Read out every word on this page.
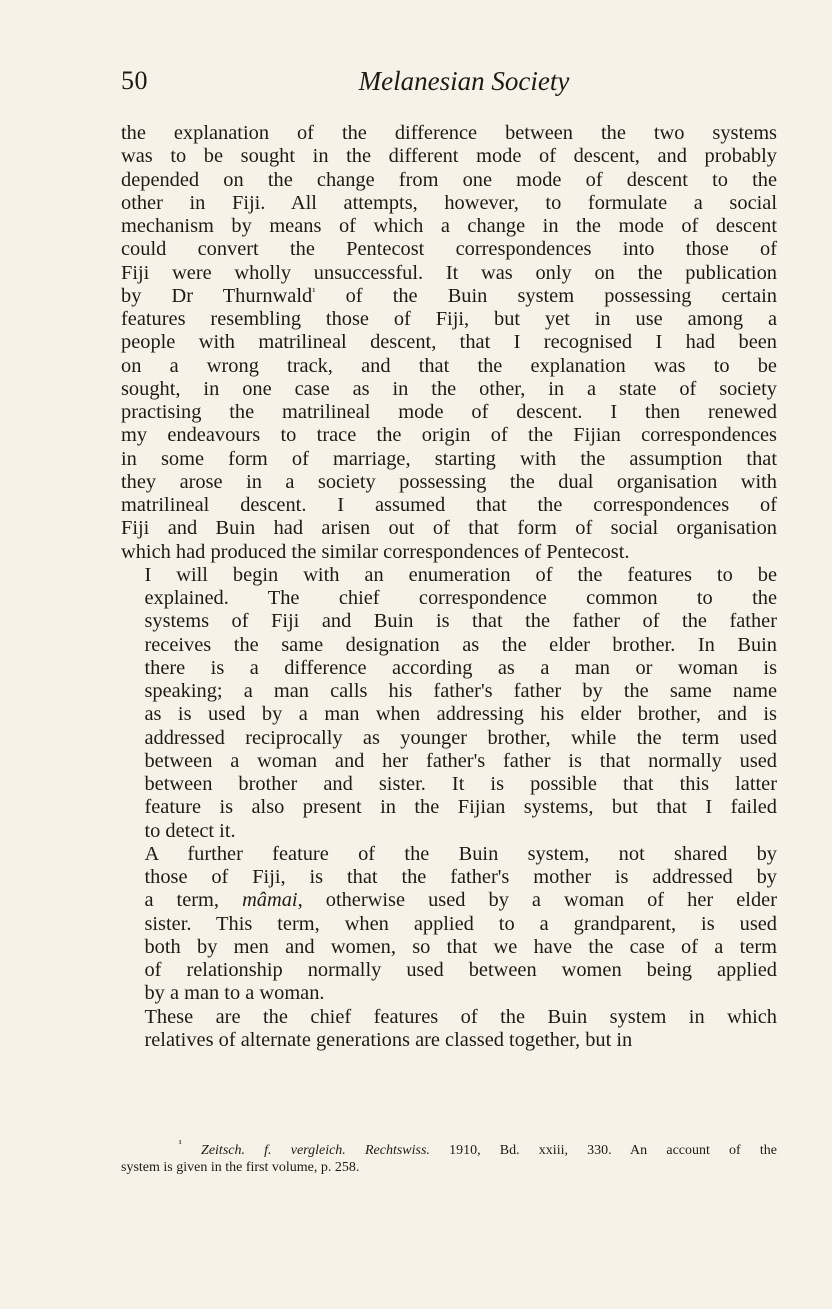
50	Melanesian Society

the explanation of the difference between the two systems
was to be sought in the different mode of descent, and probably
depended on the change from one mode of descent to the
other in Fiji. All attempts, however, to formulate a social
mechanism by means of which a change in the mode of descent
could convert the Pentecost correspondences into those of
Fiji were wholly unsuccessful. It was only on the publication
by Dr Thurnwald$^{^1}$ of the Buin system possessing certain
features resembling those of Fiji, but yet in use among a
people with matrilineal descent, that I recognised I had been
on a wrong track, and that the explanation was to be
sought, in one case as in the other, in a state of society
practising the matrilineal mode of descent. I then renewed
my endeavours to trace the origin of the Fijian correspondences
in some form of marriage, starting with the assumption that
they arose in a society possessing the dual organisation with
matrilineal descent. I assumed that the correspondences of
Fiji and Buin had arisen out of that form of social organisation
which had produced the similar correspondences of Pentecost.

I will begin with an enumeration of the features to be
explained. The chief correspondence common to the
systems of Fiji and Buin is that the father of the father
receives the same designation as the elder brother. In Buin
there is a difference according as a man or woman is
speaking; a man calls his father's father by the same name
as is used by a man when addressing his elder brother, and is
addressed reciprocally as younger brother, while the term used
between a woman and her father's father is that normally used
between brother and sister. It is possible that this latter
feature is also present in the Fijian systems, but that I failed
to detect it.

A further feature of the Buin system, not shared by
those of Fiji, is that the father's mother is addressed by
a term, mâmai, otherwise used by a woman of her elder
sister. This term, when applied to a grandparent, is used
both by men and women, so that we have the case of a term
of relationship normally used between women being applied
by a man to a woman.

These are the chief features of the Buin system in which
relatives of alternate generations are classed together, but in

$^{^1}$ Zeitsch. f. vergleich. Rechtswiss. 1910, Bd. xxiii, 330. An account of the
system is given in the first volume, p. 258.
